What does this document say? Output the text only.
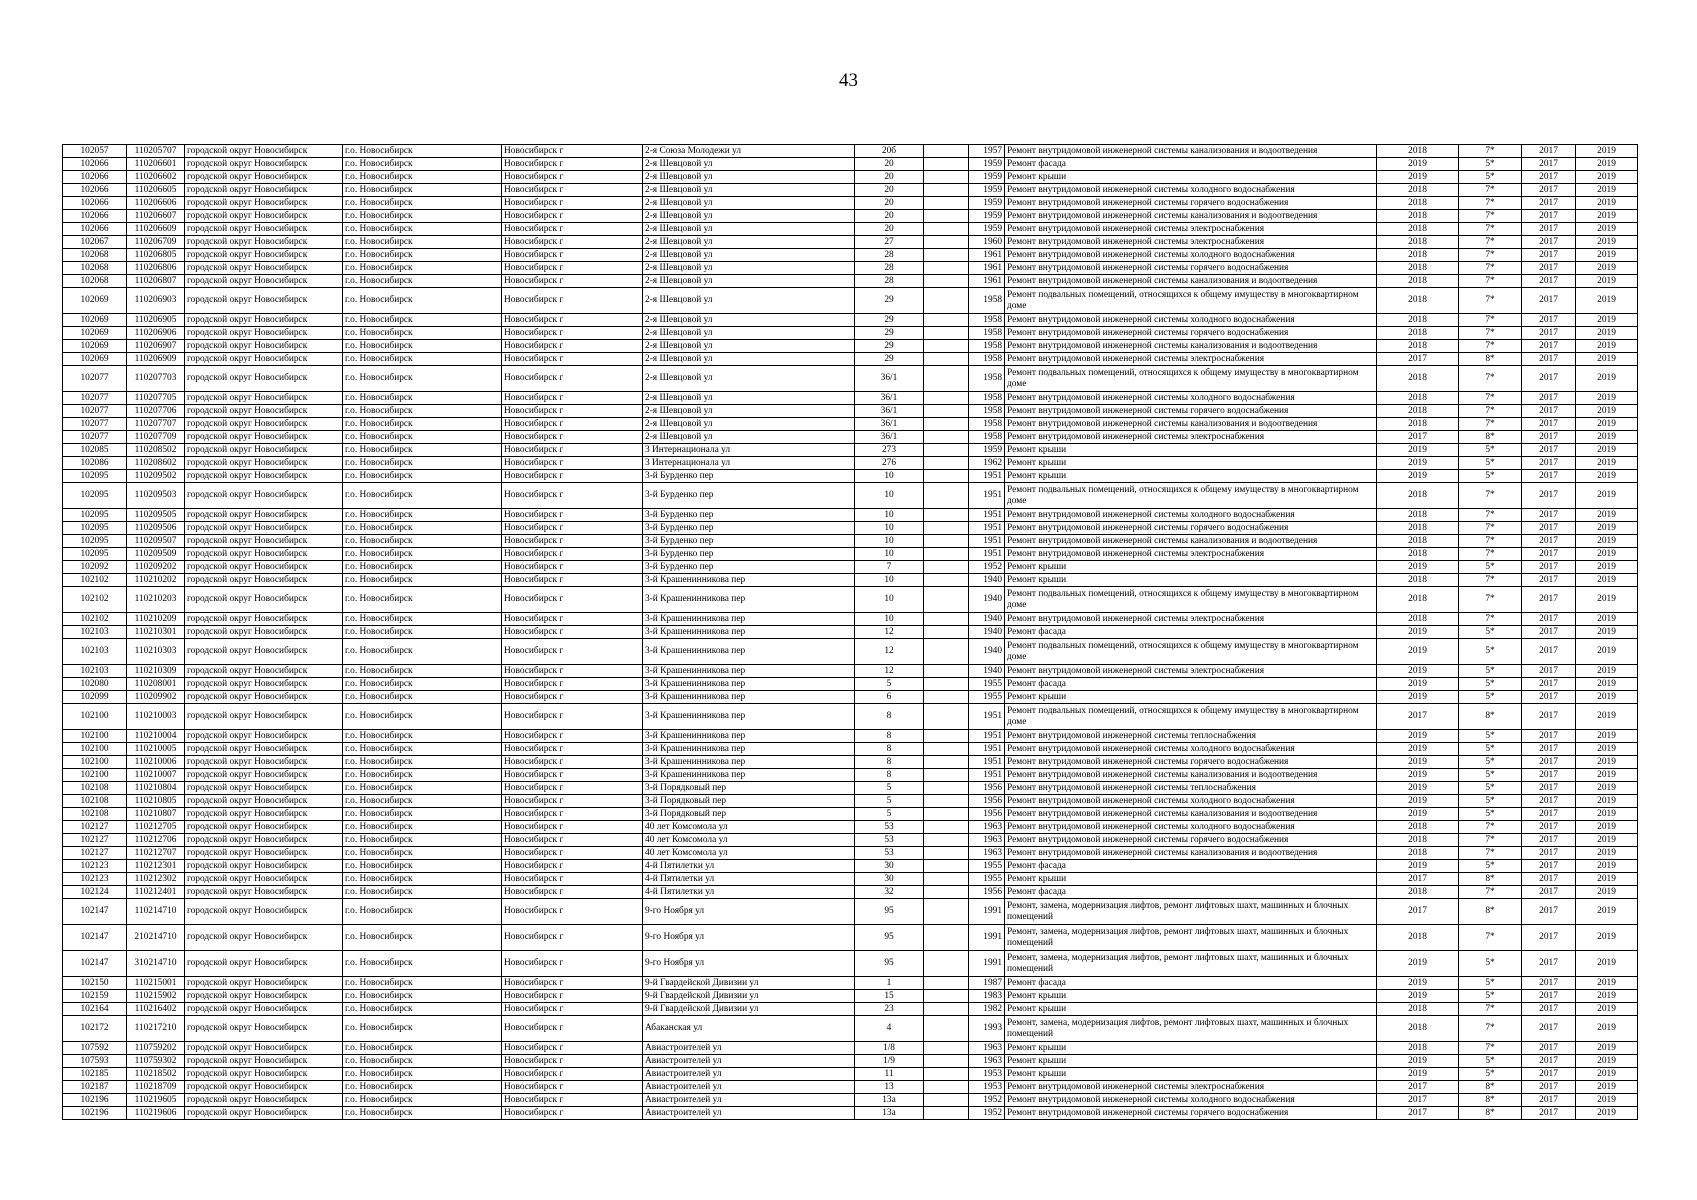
43
102057	110205707	городской округ Новосибирск	г.о. Новосибирск	Новосибирск г	2-я Союза Молодежи ул	20б		1957	Ремонт внутридомовой инженерной системы канализования и водоотведения	2018	7*	2017	2019
102066	110206601	городской округ Новосибирск	г.о. Новосибирск	Новосибирск г	2-я Шевцовой ул	20		1959	Ремонт фасада	2019	5*	2017	2019
102066	110206602	городской округ Новосибирск	г.о. Новосибирск	Новосибирск г	2-я Шевцовой ул	20		1959	Ремонт крыши	2019	5*	2017	2019
102066	110206605	городской округ Новосибирск	г.о. Новосибирск	Новосибирск г	2-я Шевцовой ул	20		1959	Ремонт внутридомовой инженерной системы холодного водоснабжения	2018	7*	2017	2019
102066	110206606	городской округ Новосибирск	г.о. Новосибирск	Новосибирск г	2-я Шевцовой ул	20		1959	Ремонт внутридомовой инженерной системы горячего водоснабжения	2018	7*	2017	2019
102066	110206607	городской округ Новосибирск	г.о. Новосибирск	Новосибирск г	2-я Шевцовой ул	20		1959	Ремонт внутридомовой инженерной системы канализования и водоотведения	2018	7*	2017	2019
102066	110206609	городской округ Новосибирск	г.о. Новосибирск	Новосибирск г	2-я Шевцовой ул	20		1959	Ремонт внутридомовой инженерной системы электроснабжения	2018	7*	2017	2019
102067	110206709	городской округ Новосибирск	г.о. Новосибирск	Новосибирск г	2-я Шевцовой ул	27		1960	Ремонт внутридомовой инженерной системы электроснабжения	2018	7*	2017	2019
102068	110206805	городской округ Новосибирск	г.о. Новосибирск	Новосибирск г	2-я Шевцовой ул	28		1961	Ремонт внутридомовой инженерной системы холодного водоснабжения	2018	7*	2017	2019
102068	110206806	городской округ Новосибирск	г.о. Новосибирск	Новосибирск г	2-я Шевцовой ул	28		1961	Ремонт внутридомовой инженерной системы горячего водоснабжения	2018	7*	2017	2019
102068	110206807	городской округ Новосибирск	г.о. Новосибирск	Новосибирск г	2-я Шевцовой ул	28		1961	Ремонт внутридомовой инженерной системы канализования и водоотведения	2018	7*	2017	2019
102069	110206903	городской округ Новосибирск	г.о. Новосибирск	Новосибирск г	2-я Шевцовой ул	29		1958	Ремонт подвальных помещений, относящихся к общему имуществу в многоквартирном доме	2018	7*	2017	2019
102069	110206905	городской округ Новосибирск	г.о. Новосибирск	Новосибирск г	2-я Шевцовой ул	29		1958	Ремонт внутридомовой инженерной системы холодного водоснабжения	2018	7*	2017	2019
102069	110206906	городской округ Новосибирск	г.о. Новосибирск	Новосибирск г	2-я Шевцовой ул	29		1958	Ремонт внутридомовой инженерной системы горячего водоснабжения	2018	7*	2017	2019
102069	110206907	городской округ Новосибирск	г.о. Новосибирск	Новосибирск г	2-я Шевцовой ул	29		1958	Ремонт внутридомовой инженерной системы канализования и водоотведения	2018	7*	2017	2019
102069	110206909	городской округ Новосибирск	г.о. Новосибирск	Новосибирск г	2-я Шевцовой ул	29		1958	Ремонт внутридомовой инженерной системы электроснабжения	2017	8*	2017	2019
102077	110207703	городской округ Новосибирск	г.о. Новосибирск	Новосибирск г	2-я Шевцовой ул	36/1		1958	Ремонт подвальных помещений, относящихся к общему имуществу в многоквартирном доме	2018	7*	2017	2019
102077	110207705	городской округ Новосибирск	г.о. Новосибирск	Новосибирск г	2-я Шевцовой ул	36/1		1958	Ремонт внутридомовой инженерной системы холодного водоснабжения	2018	7*	2017	2019
102077	110207706	городской округ Новосибирск	г.о. Новосибирск	Новосибирск г	2-я Шевцовой ул	36/1		1958	Ремонт внутридомовой инженерной системы горячего водоснабжения	2018	7*	2017	2019
102077	110207707	городской округ Новосибирск	г.о. Новосибирск	Новосибирск г	2-я Шевцовой ул	36/1		1958	Ремонт внутридомовой инженерной системы канализования и водоотведения	2018	7*	2017	2019
102077	110207709	городской округ Новосибирск	г.о. Новосибирск	Новосибирск г	2-я Шевцовой ул	36/1		1958	Ремонт внутридомовой инженерной системы электроснабжения	2017	8*	2017	2019
102085	110208502	городской округ Новосибирск	г.о. Новосибирск	Новосибирск г	3 Интернационала ул	273		1959	Ремонт крыши	2019	5*	2017	2019
102086	110208602	городской округ Новосибирск	г.о. Новосибирск	Новосибирск г	3 Интернационала ул	276		1962	Ремонт крыши	2019	5*	2017	2019
102095	110209502	городской округ Новосибирск	г.о. Новосибирск	Новосибирск г	3-й Бурденко пер	10		1951	Ремонт крыши	2019	5*	2017	2019
102095	110209503	городской округ Новосибирск	г.о. Новосибирск	Новосибирск г	3-й Бурденко пер	10		1951	Ремонт подвальных помещений, относящихся к общему имуществу в многоквартирном доме	2018	7*	2017	2019
102095	110209505	городской округ Новосибирск	г.о. Новосибирск	Новосибирск г	3-й Бурденко пер	10		1951	Ремонт внутридомовой инженерной системы холодного водоснабжения	2018	7*	2017	2019
102095	110209506	городской округ Новосибирск	г.о. Новосибирск	Новосибирск г	3-й Бурденко пер	10		1951	Ремонт внутридомовой инженерной системы горячего водоснабжения	2018	7*	2017	2019
102095	110209507	городской округ Новосибирск	г.о. Новосибирск	Новосибирск г	3-й Бурденко пер	10		1951	Ремонт внутридомовой инженерной системы канализования и водоотведения	2018	7*	2017	2019
102095	110209509	городской округ Новосибирск	г.о. Новосибирск	Новосибирск г	3-й Бурденко пер	10		1951	Ремонт внутридомовой инженерной системы электроснабжения	2018	7*	2017	2019
102092	110209202	городской округ Новосибирск	г.о. Новосибирск	Новосибирск г	3-й Бурденко пер	7		1952	Ремонт крыши	2019	5*	2017	2019
102102	110210202	городской округ Новосибирск	г.о. Новосибирск	Новосибирск г	3-й Крашенинникова пер	10		1940	Ремонт крыши	2018	7*	2017	2019
102102	110210203	городской округ Новосибирск	г.о. Новосибирск	Новосибирск г	3-й Крашенинникова пер	10		1940	Ремонт подвальных помещений, относящихся к общему имуществу в многоквартирном доме	2018	7*	2017	2019
102102	110210209	городской округ Новосибирск	г.о. Новосибирск	Новосибирск г	3-й Крашенинникова пер	10		1940	Ремонт внутридомовой инженерной системы электроснабжения	2018	7*	2017	2019
102103	110210301	городской округ Новосибирск	г.о. Новосибирск	Новосибирск г	3-й Крашенинникова пер	12		1940	Ремонт фасада	2019	5*	2017	2019
102103	110210303	городской округ Новосибирск	г.о. Новосибирск	Новосибирск г	3-й Крашенинникова пер	12		1940	Ремонт подвальных помещений, относящихся к общему имуществу в многоквартирном доме	2019	5*	2017	2019
102103	110210309	городской округ Новосибирск	г.о. Новосибирск	Новосибирск г	3-й Крашенинникова пер	12		1940	Ремонт внутридомовой инженерной системы электроснабжения	2019	5*	2017	2019
102080	110208001	городской округ Новосибирск	г.о. Новосибирск	Новосибирск г	3-й Крашенинникова пер	5		1955	Ремонт фасада	2019	5*	2017	2019
102099	110209902	городской округ Новосибирск	г.о. Новосибирск	Новосибирск г	3-й Крашенинникова пер	6		1955	Ремонт крыши	2019	5*	2017	2019
102100	110210003	городской округ Новосибирск	г.о. Новосибирск	Новосибирск г	3-й Крашенинникова пер	8		1951	Ремонт подвальных помещений, относящихся к общему имуществу в многоквартирном доме	2017	8*	2017	2019
102100	110210004	городской округ Новосибирск	г.о. Новосибирск	Новосибирск г	3-й Крашенинникова пер	8		1951	Ремонт внутридомовой инженерной системы теплоснабжения	2019	5*	2017	2019
102100	110210005	городской округ Новосибирск	г.о. Новосибирск	Новосибирск г	3-й Крашенинникова пер	8		1951	Ремонт внутридомовой инженерной системы холодного водоснабжения	2019	5*	2017	2019
102100	110210006	городской округ Новосибирск	г.о. Новосибирск	Новосибирск г	3-й Крашенинникова пер	8		1951	Ремонт внутридомовой инженерной системы горячего водоснабжения	2019	5*	2017	2019
102100	110210007	городской округ Новосибирск	г.о. Новосибирск	Новосибирск г	3-й Крашенинникова пер	8		1951	Ремонт внутридомовой инженерной системы канализования и водоотведения	2019	5*	2017	2019
102108	110210804	городской округ Новосибирск	г.о. Новосибирск	Новосибирск г	3-й Порядковый пер	5		1956	Ремонт внутридомовой инженерной системы теплоснабжения	2019	5*	2017	2019
102108	110210805	городской округ Новосибирск	г.о. Новосибирск	Новосибирск г	3-й Порядковый пер	5		1956	Ремонт внутридомовой инженерной системы холодного водоснабжения	2019	5*	2017	2019
102108	110210807	городской округ Новосибирск	г.о. Новосибирск	Новосибирск г	3-й Порядковый пер	5		1956	Ремонт внутридомовой инженерной системы канализования и водоотведения	2019	5*	2017	2019
102127	110212705	городской округ Новосибирск	г.о. Новосибирск	Новосибирск г	40 лет Комсомола ул	53		1963	Ремонт внутридомовой инженерной системы холодного водоснабжения	2018	7*	2017	2019
102127	110212706	городской округ Новосибирск	г.о. Новосибирск	Новосибирск г	40 лет Комсомола ул	53		1963	Ремонт внутридомовой инженерной системы горячего водоснабжения	2018	7*	2017	2019
102127	110212707	городской округ Новосибирск	г.о. Новосибирск	Новосибирск г	40 лет Комсомола ул	53		1963	Ремонт внутридомовой инженерной системы канализования и водоотведения	2018	7*	2017	2019
102123	110212301	городской округ Новосибирск	г.о. Новосибирск	Новосибирск г	4-й Пятилетки ул	30		1955	Ремонт фасада	2019	5*	2017	2019
102123	110212302	городской округ Новосибирск	г.о. Новосибирск	Новосибирск г	4-й Пятилетки ул	30		1955	Ремонт крыши	2017	8*	2017	2019
102124	110212401	городской округ Новосибирск	г.о. Новосибирск	Новосибирск г	4-й Пятилетки ул	32		1956	Ремонт фасада	2018	7*	2017	2019
102147	110214710	городской округ Новосибирск	г.о. Новосибирск	Новосибирск г	9-го Ноября ул	95		1991	Ремонт, замена, модернизация лифтов, ремонт лифтовых шахт, машинных и блочных помещений	2017	8*	2017	2019
102147	210214710	городской округ Новосибирск	г.о. Новосибирск	Новосибирск г	9-го Ноября ул	95		1991	Ремонт, замена, модернизация лифтов, ремонт лифтовых шахт, машинных и блочных помещений	2018	7*	2017	2019
102147	310214710	городской округ Новосибирск	г.о. Новосибирск	Новосибирск г	9-го Ноября ул	95		1991	Ремонт, замена, модернизация лифтов, ремонт лифтовых шахт, машинных и блочных помещений	2019	5*	2017	2019
102150	110215001	городской округ Новосибирск	г.о. Новосибирск	Новосибирск г	9-й Гвардейской Дивизии ул	1		1987	Ремонт фасада	2019	5*	2017	2019
102159	110215902	городской округ Новосибирск	г.о. Новосибирск	Новосибирск г	9-й Гвардейской Дивизии ул	15		1983	Ремонт крыши	2019	5*	2017	2019
102164	110216402	городской округ Новосибирск	г.о. Новосибирск	Новосибирск г	9-й Гвардейской Дивизии ул	23		1982	Ремонт крыши	2018	7*	2017	2019
102172	110217210	городской округ Новосибирск	г.о. Новосибирск	Новосибирск г	Абаканская ул	4		1993	Ремонт, замена, модернизация лифтов, ремонт лифтовых шахт, машинных и блочных помещений	2018	7*	2017	2019
107592	110759202	городской округ Новосибирск	г.о. Новосибирск	Новосибирск г	Авиастроителей ул	1/8		1963	Ремонт крыши	2018	7*	2017	2019
107593	110759302	городской округ Новосибирск	г.о. Новосибирск	Новосибирск г	Авиастроителей ул	1/9		1963	Ремонт крыши	2019	5*	2017	2019
102185	110218502	городской округ Новосибирск	г.о. Новосибирск	Новосибирск г	Авиастроителей ул	11		1953	Ремонт крыши	2019	5*	2017	2019
102187	110218709	городской округ Новосибирск	г.о. Новосибирск	Новосибирск г	Авиастроителей ул	13		1953	Ремонт внутридомовой инженерной системы электроснабжения	2017	8*	2017	2019
102196	110219605	городской округ Новосибирск	г.о. Новосибирск	Новосибирск г	Авиастроителей ул	13а		1952	Ремонт внутридомовой инженерной системы холодного водоснабжения	2017	8*	2017	2019
102196	110219606	городской округ Новосибирск	г.о. Новосибирск	Новосибирск г	Авиастроителей ул	13а		1952	Ремонт внутридомовой инженерной системы горячего водоснабжения	2017	8*	2017	2019
